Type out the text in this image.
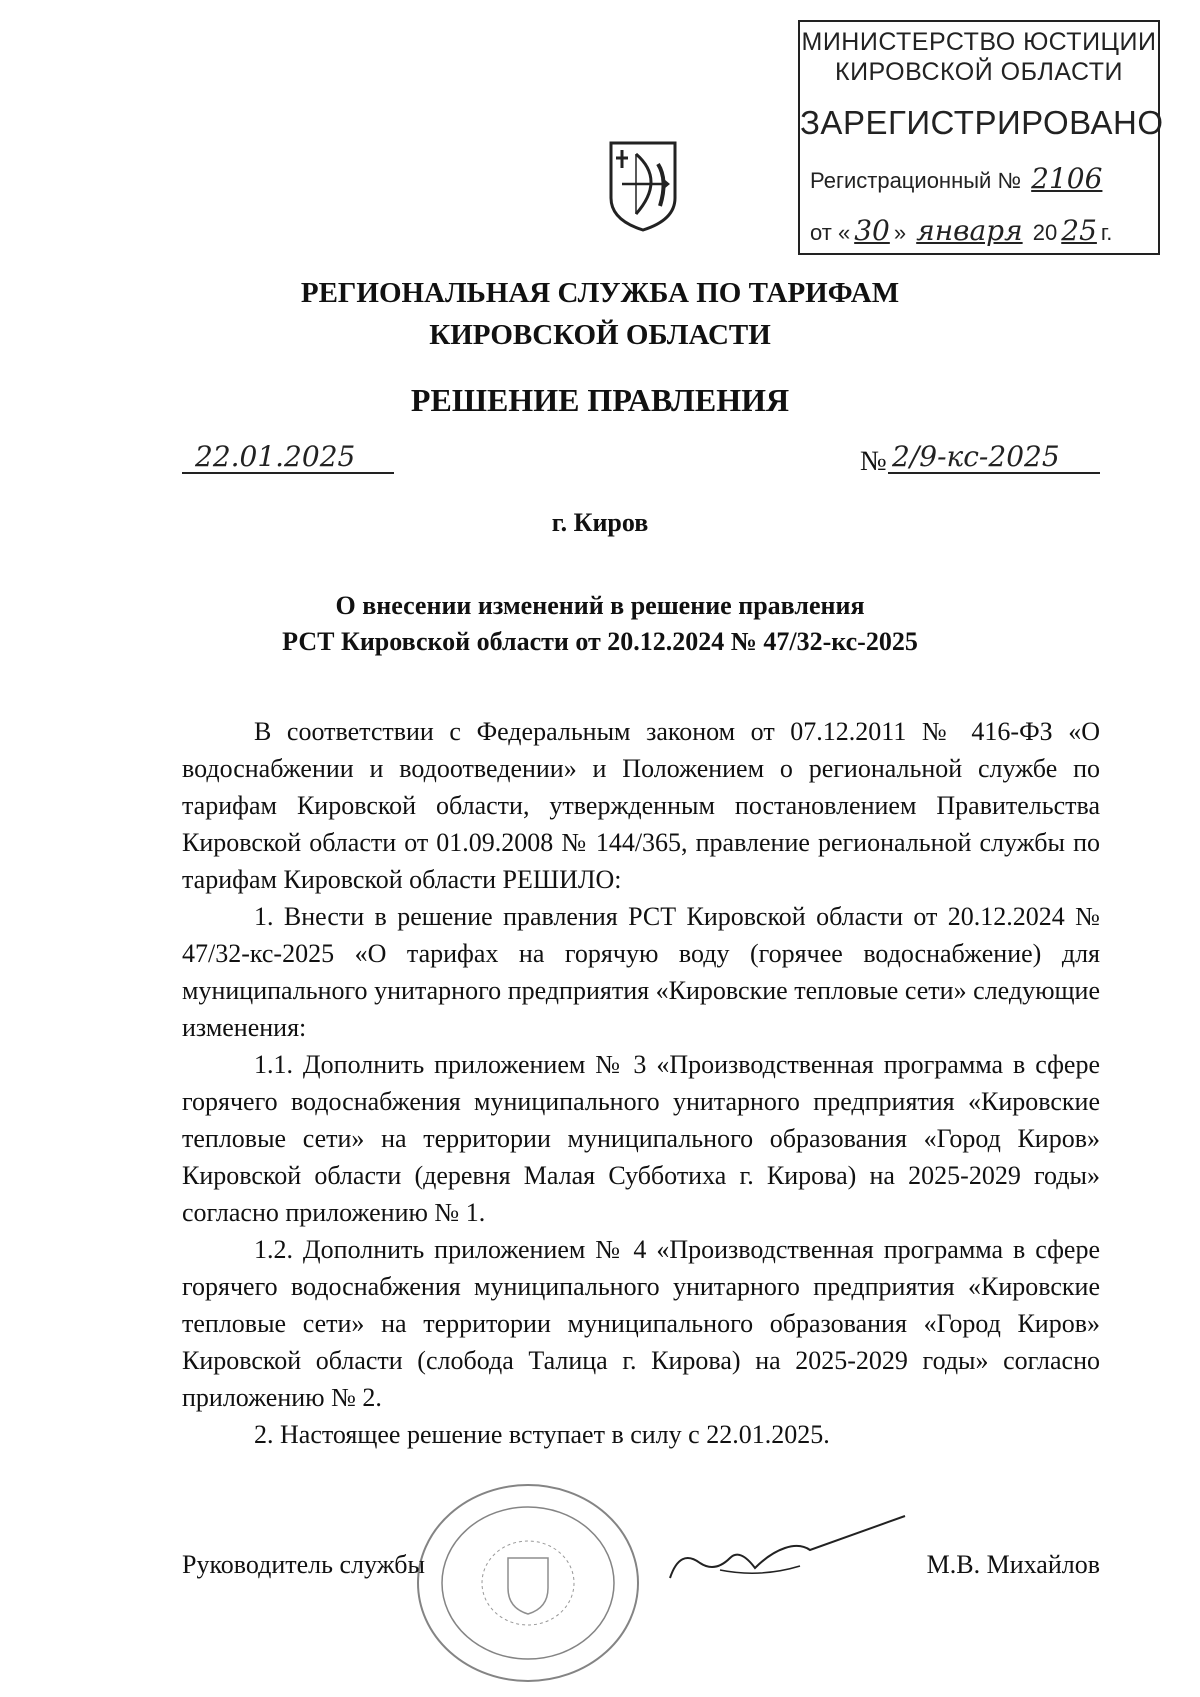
МИНИСТЕРСТВО ЮСТИЦИИ
КИРОВСКОЙ ОБЛАСТИ
ЗАРЕГИСТРИРОВАНО
Регистрационный № 2106
от « 30 » января 20 25 г.
РЕГИОНАЛЬНАЯ СЛУЖБА ПО ТАРИФАМ
КИРОВСКОЙ ОБЛАСТИ
РЕШЕНИЕ ПРАВЛЕНИЯ
22.01.2025	№ 2/9-кс-2025
г. Киров
О внесении изменений в решение правления
РСТ Кировской области от 20.12.2024 № 47/32-кс-2025

В соответствии с Федеральным законом от 07.12.2011 № 416-ФЗ «О водоснабжении и водоотведении» и Положением о региональной службе по тарифам Кировской области, утвержденным постановлением Правительства Кировской области от 01.09.2008 № 144/365, правление региональной службы по тарифам Кировской области РЕШИЛО:

1. Внести в решение правления РСТ Кировской области от 20.12.2024 № 47/32-кс-2025 «О тарифах на горячую воду (горячее водоснабжение) для муниципального унитарного предприятия «Кировские тепловые сети» следующие изменения:

1.1. Дополнить приложением № 3 «Производственная программа в сфере горячего водоснабжения муниципального унитарного предприятия «Кировские тепловые сети» на территории муниципального образования «Город Киров» Кировской области (деревня Малая Субботиха г. Кирова) на 2025-2029 годы» согласно приложению № 1.

1.2. Дополнить приложением № 4 «Производственная программа в сфере горячего водоснабжения муниципального унитарного предприятия «Кировские тепловые сети» на территории муниципального образования «Город Киров» Кировской области (слобода Талица г. Кирова) на 2025-2029 годы» согласно приложению № 2.

2. Настоящее решение вступает в силу с 22.01.2025.

Руководитель службы	М.В. Михайлов
